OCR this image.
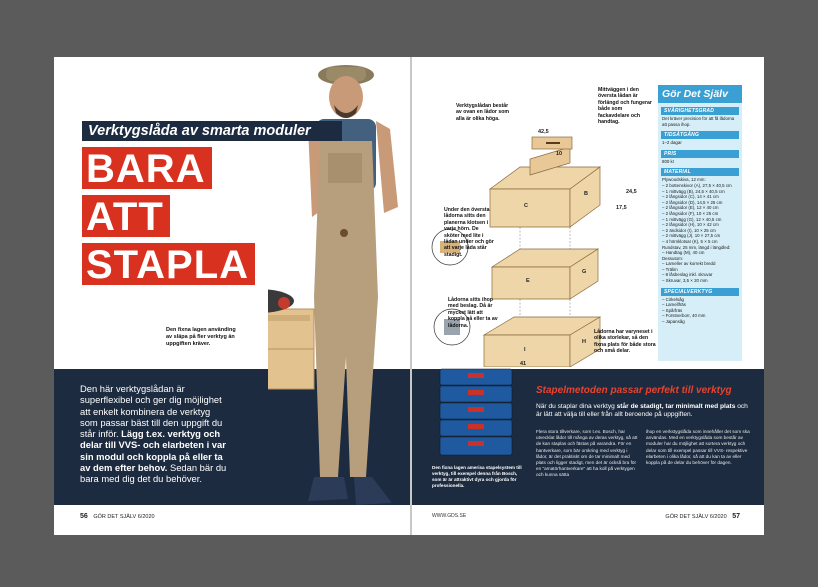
Verktygslåda av smarta moduler
BARA
ATT
STAPLA
Den fixna lagen använding av släpa på fler verktyg än uppgiften kräver.
Den här verktygslådan är superflexibel och ger dig möjlighet att enkelt kombinera de verktyg som passar bäst till den uppgift du står inför. Lägg t.ex. verktyg och delar till VVS- och elarbeten i var sin modul och koppla på eller ta av dem efter behov. Sedan bär du bara med dig det du behöver.
56 GÖR DET SJÄLV 6/2020
42,5
10
C
B
E
G
I
H
41
17,5
24,5
Verktygslådan består av ovan en lådor som alla är olika höga.
Mittväggen i den översta lådan är förlängd och fungerar både som fackavdelare och handtag.
Under den översta lådorna sitts den planerna klotsen i varje hörn. De sköter med lite i lådan under och gör att varje låda står stadigt.
Lådorna sitts ihop med beslag. Då är mycket lätt att koppla på eller ta av lådorna.
Lådorna har varyneset i olika storlekar, så den fixna plats för både stora och små delar.
Gör Det Själv
SVÅRIGHETSGRAD
Det kräver precision för att få lådorna att passa ihop.
TIDSÅTGÅNG
1–2 dagar
PRIS
800 kr
MATERIAL
Plywoodskiva, 12 mm:
– 2 bottenskivor (A), 27,5 × 40,5 cm
– 1 mittvägg (B), 24,5 × 40,5 cm
– 2 långsidor (C), 14 × 41 cm
– 2 långsidor (D), 14,5 × 25 cm
– 2 långsidor (E), 12 × 40 cm
– 2 långsidor (F), 10 × 25 cm
– 1 mittvägg (G), 12 × 40,5 cm
– 2 långsidor (H), 10 × 42 cm
– 2 ändsidor (I), 10 × 25 cm
– 2 mittvägg (J), 10 × 27,5 cm
– 4 hörnklotsar (K), 5 × 5 cm
Rundstav, 25 mm, längd i längdled:
– Handtag (M), 40 cm
Dessutom:
– Lameller av korrekt bredd
– Trälim
– 8 låsbeslag inkl. skruvar
– Skruvar, 3,5 × 20 mm
SPECIALVERKTYG
– Cirkelsåg
– Lamellfräs
– Spårfräs
– Forstnerborr, 40 mm
– Japansåg
Den fixna lagen amerisa stapelsystem till verktyg, till exempel denna från Bosch, som är är attraktivt dyra och gjorda för professionella.
Stapelmetoden passar perfekt till verktyg
När du staplar dina verktyg står de stadigt, tar minimalt med plats och är lätt att välja till eller från allt beroende på uppgiften.
Flera stora tillverkare, som t.ex. Bosch, har utvecklat lådor till många av deras verktyg, så att de kan staplas och fästas på varandra. För en hantverkare, som bär omkring med verktyg i lådor, är det praktiskt om de tar minimalt med plats och ligger stadigt, men det är också bra för en "amatörhantverkare" att ha koll på verktygen och kunna sätta
ihop en verkstygslåda som innehåller det som ska användas. Med en verktygslåda som består av moduler har du möjlighet att sortera verktyg och delar som till exempel passar till VVS- respektive elarbeten i olika lådor, så att du kan ta av eller koppla på de delar du behöver för dagen.
WWW.GDS.SE	GÖR DET SJÄLV 6/2020 57
